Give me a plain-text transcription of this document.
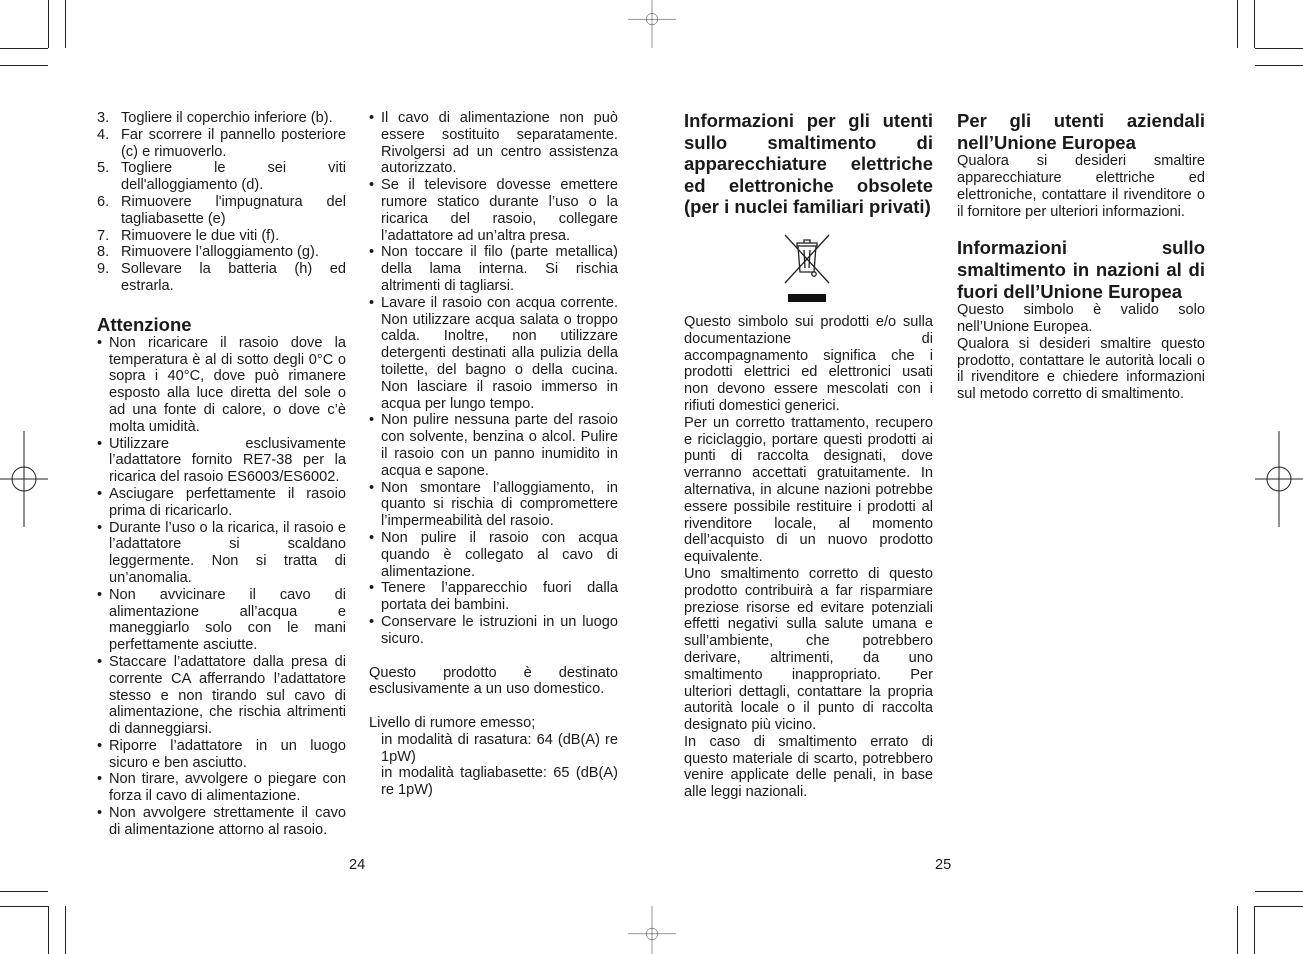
3. Togliere il coperchio inferiore (b).
4. Far scorrere il pannello posteriore (c) e rimuoverlo.
5. Togliere le sei viti dell'alloggiamento (d).
6. Rimuovere l'impugnatura del tagliabasette (e)
7. Rimuovere le due viti (f).
8. Rimuovere l’alloggiamento (g).
9. Sollevare la batteria (h) ed estrarla.
Attenzione
• Non ricaricare il rasoio dove la temperatura è al di sotto degli 0°C o sopra i 40°C, dove può rimanere esposto alla luce diretta del sole o ad una fonte di calore, o dove c’è molta umidità.
• Utilizzare esclusivamente l’adattatore fornito RE7-38 per la ricarica del rasoio ES6003/ES6002.
• Asciugare perfettamente il rasoio prima di ricaricarlo.
• Durante l’uso o la ricarica, il rasoio e l’adattatore si scaldano leggermente. Non si tratta di un’anomalia.
• Non avvicinare il cavo di alimentazione all’acqua e maneggiarlo solo con le mani perfettamente asciutte.
• Staccare l’adattatore dalla presa di corrente CA afferrando l’adattatore stesso e non tirando sul cavo di alimentazione, che rischia altrimenti di danneggiarsi.
• Riporre l’adattatore in un luogo sicuro e ben asciutto.
• Non tirare, avvolgere o piegare con forza il cavo di alimentazione.
• Non avvolgere strettamente il cavo di alimentazione attorno al rasoio.
• Il cavo di alimentazione non può essere sostituito separatamente. Rivolgersi ad un centro assistenza autorizzato.
• Se il televisore dovesse emettere rumore statico durante l’uso o la ricarica del rasoio, collegare l’adattatore ad un’altra presa.
• Non toccare il filo (parte metallica) della lama interna. Si rischia altrimenti di tagliarsi.
• Lavare il rasoio con acqua corrente. Non utilizzare acqua salata o troppo calda. Inoltre, non utilizzare detergenti destinati alla pulizia della toilette, del bagno o della cucina. Non lasciare il rasoio immerso in acqua per lungo tempo.
• Non pulire nessuna parte del rasoio con solvente, benzina o alcol. Pulire il rasoio con un panno inumidito in acqua e sapone.
• Non smontare l’alloggiamento, in quanto si rischia di compromettere l’impermeabilità del rasoio.
• Non pulire il rasoio con acqua quando è collegato al cavo di alimentazione.
• Tenere l’apparecchio fuori dalla portata dei bambini.
• Conservare le istruzioni in un luogo sicuro.

Questo prodotto è destinato esclusivamente a un uso domestico.

Livello di rumore emesso;

in modalità di rasatura: 64 (dB(A) re 1pW)

in modalità tagliabasette: 65 (dB(A) re 1pW)

24
Informazioni per gli utenti sullo smaltimento di apparecchiature elettriche ed elettroniche obsolete (per i nuclei familiari privati)

Questo simbolo sui prodotti e/o sulla documentazione di accompagnamento significa che i prodotti elettrici ed elettronici usati non devono essere mescolati con i rifiuti domestici generici.

Per un corretto trattamento, recupero e riciclaggio, portare questi prodotti ai punti di raccolta designati, dove verranno accettati gratuitamente. In alternativa, in alcune nazioni potrebbe essere possibile restituire i prodotti al rivenditore locale, al momento dell’acquisto di un nuovo prodotto equivalente.

Uno smaltimento corretto di questo prodotto contribuirà a far risparmiare preziose risorse ed evitare potenziali effetti negativi sulla salute umana e sull’ambiente, che potrebbero derivare, altrimenti, da uno smaltimento inappropriato. Per ulteriori dettagli, contattare la propria autorità locale o il punto di raccolta designato più vicino.

In caso di smaltimento errato di questo materiale di scarto, potrebbero venire applicate delle penali, in base alle leggi nazionali.

Per gli utenti aziendali nell’Unione Europea

Qualora si desideri smaltire apparecchiature elettriche ed elettroniche, contattare il rivenditore o il fornitore per ulteriori informazioni.

Informazioni sullo smaltimento in nazioni al di fuori dell’Unione Europea

Questo simbolo è valido solo nell’Unione Europea.

Qualora si desideri smaltire questo prodotto, contattare le autorità locali o il rivenditore e chiedere informazioni sul metodo corretto di smaltimento.

25
